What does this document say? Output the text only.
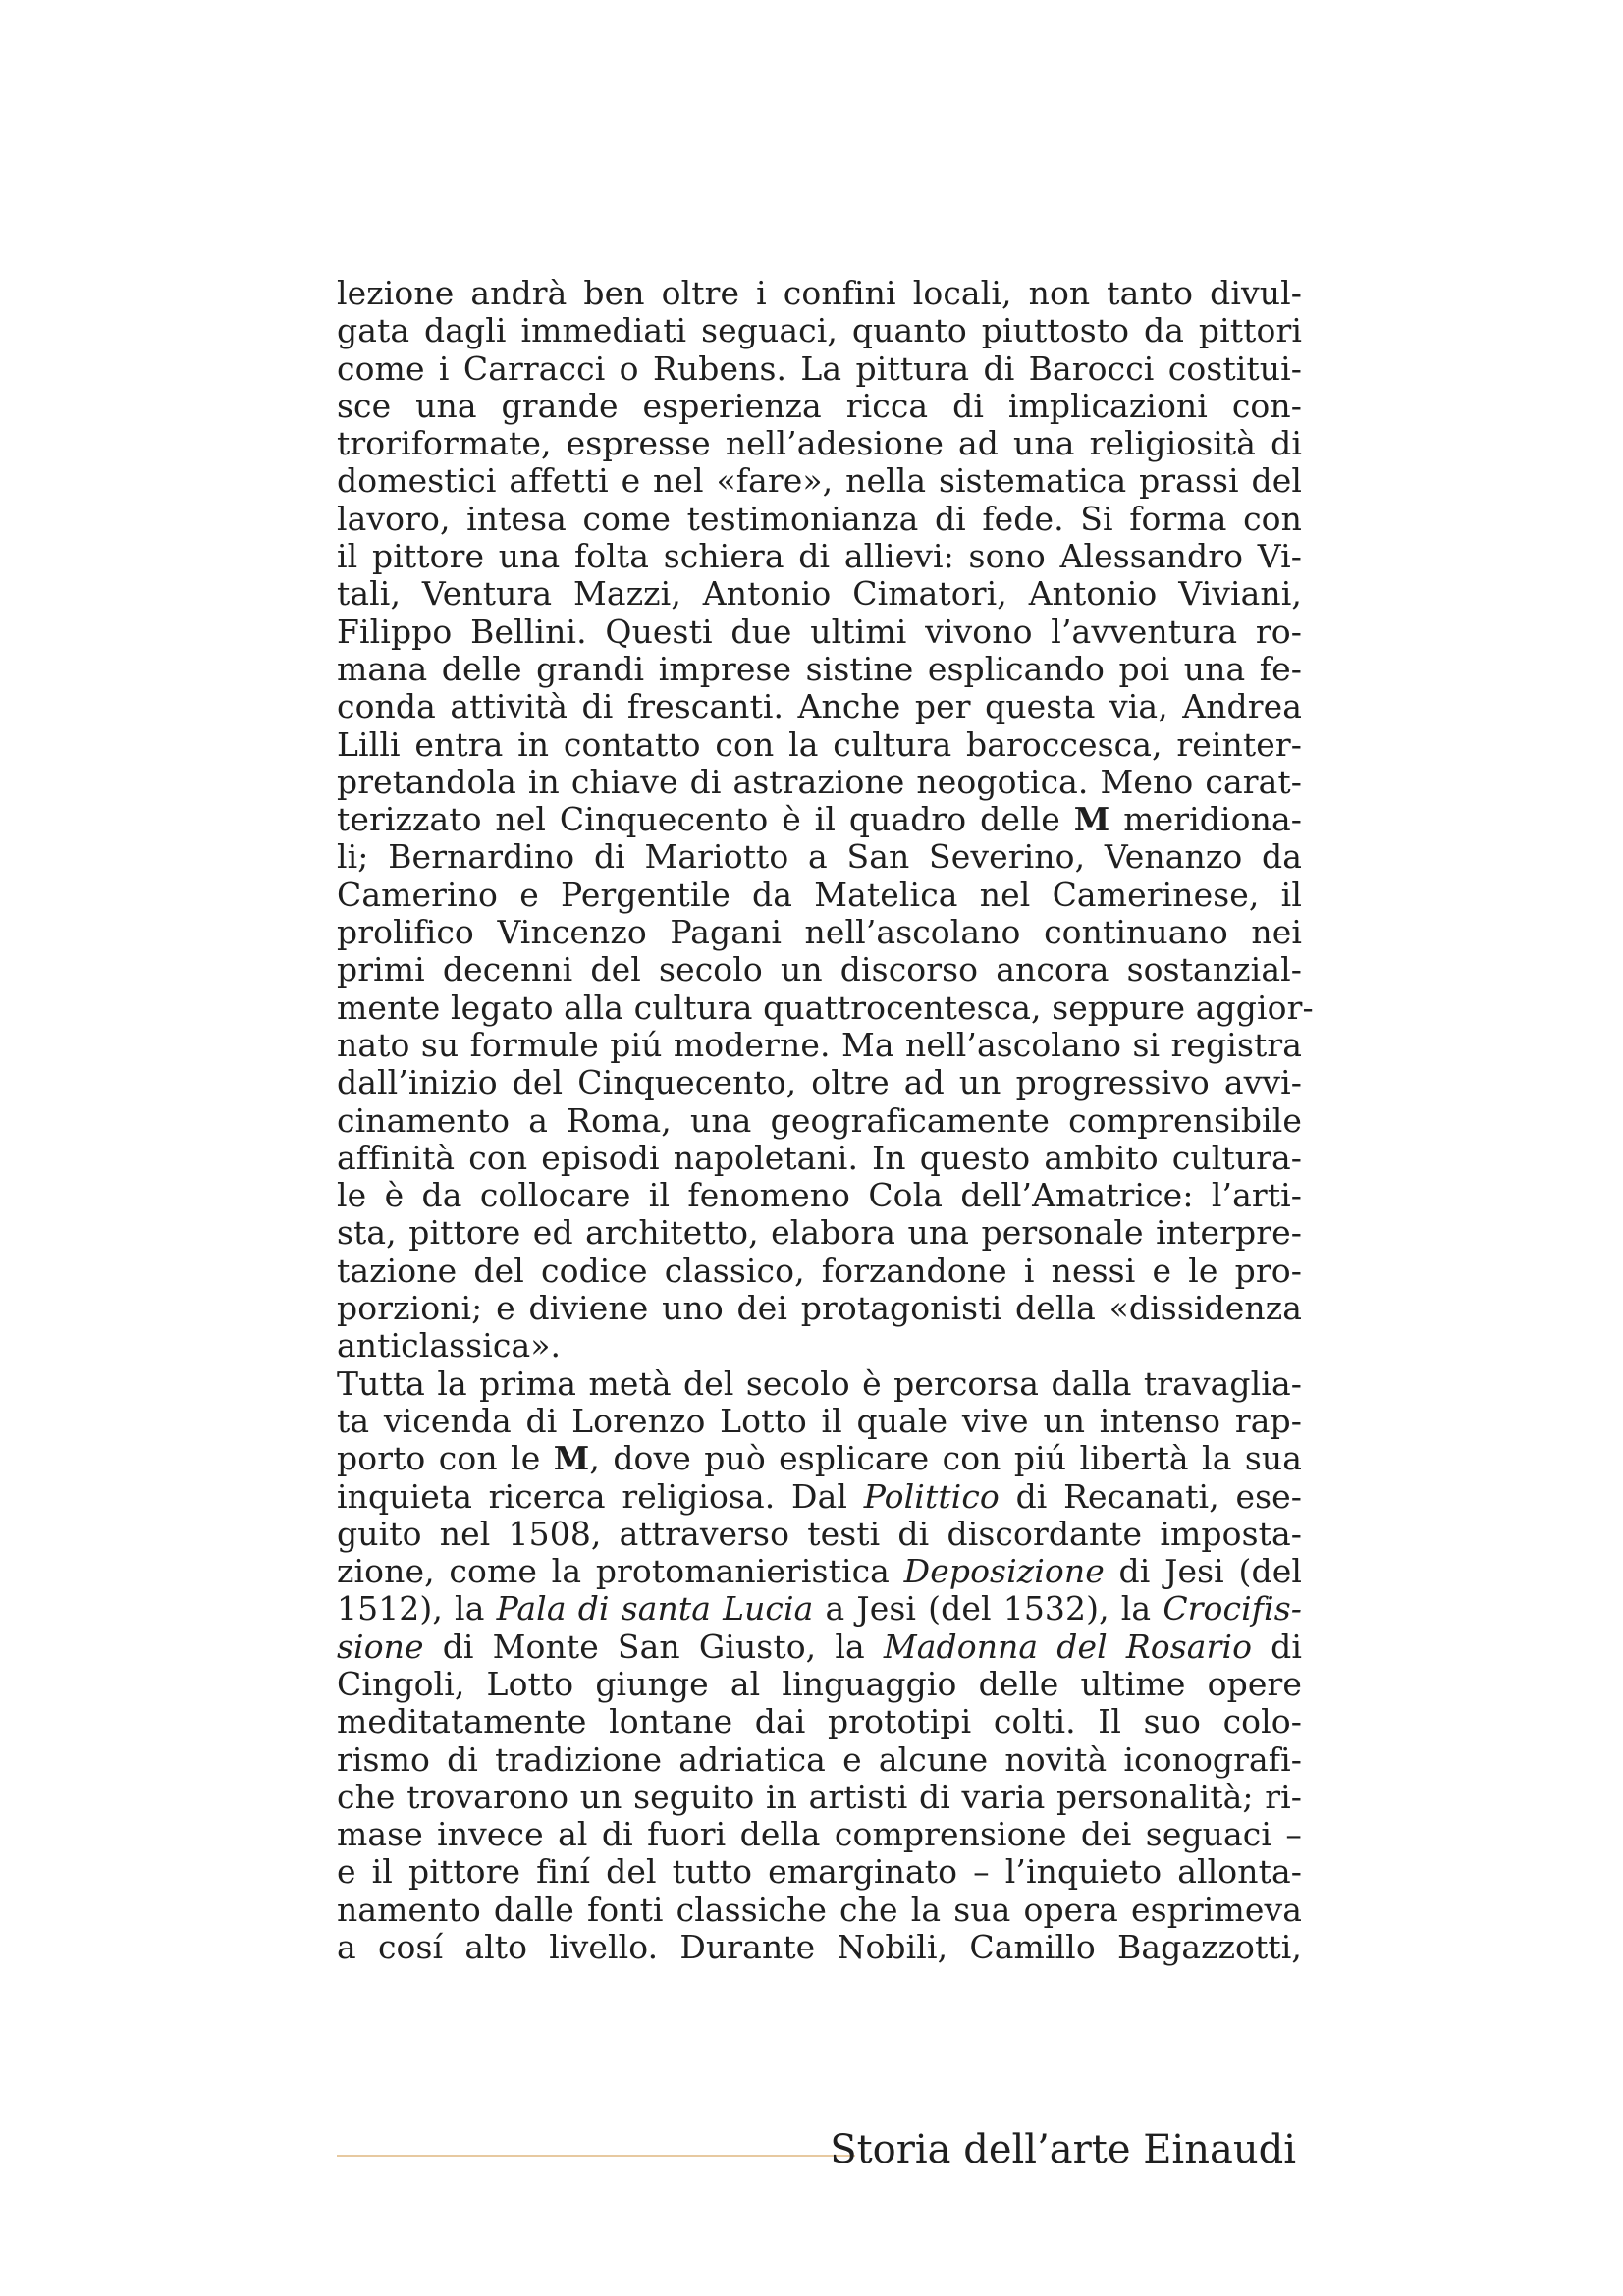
lezione andrà ben oltre i confini locali, non tanto divul-
gata dagli immediati seguaci, quanto piuttosto da pittori
come i Carracci o Rubens. La pittura di Barocci costitui-
sce una grande esperienza ricca di implicazioni con-
troriformate, espresse nell’adesione ad una religiosità di
domestici affetti e nel «fare», nella sistematica prassi del
lavoro, intesa come testimonianza di fede. Si forma con
il pittore una folta schiera di allievi: sono Alessandro Vi-
tali, Ventura Mazzi, Antonio Cimatori, Antonio Viviani,
Filippo Bellini. Questi due ultimi vivono l’avventura ro-
mana delle grandi imprese sistine esplicando poi una fe-
conda attività di frescanti. Anche per questa via, Andrea
Lilli entra in contatto con la cultura baroccesca, reinter-
pretandola in chiave di astrazione neogotica. Meno carat-
terizzato nel Cinquecento è il quadro delle M meridiona-
li; Bernardino di Mariotto a San Severino, Venanzo da
Camerino e Pergentile da Matelica nel Camerinese, il
prolifico Vincenzo Pagani nell’ascolano continuano nei
primi decenni del secolo un discorso ancora sostanzial-
mente legato alla cultura quattrocentesca, seppure aggior-
nato su formule piú moderne. Ma nell’ascolano si registra
dall’inizio del Cinquecento, oltre ad un progressivo avvi-
cinamento a Roma, una geograficamente comprensibile
affinità con episodi napoletani. In questo ambito cultura-
le è da collocare il fenomeno Cola dell’Amatrice: l’arti-
sta, pittore ed architetto, elabora una personale interpre-
tazione del codice classico, forzandone i nessi e le pro-
porzioni; e diviene uno dei protagonisti della «dissidenza
anticlassica».
Tutta la prima metà del secolo è percorsa dalla travaglia-
ta vicenda di Lorenzo Lotto il quale vive un intenso rap-
porto con le M, dove può esplicare con piú libertà la sua
inquieta ricerca religiosa. Dal Polittico di Recanati, ese-
guito nel 1508, attraverso testi di discordante imposta-
zione, come la protomanieristica Deposizione di Jesi (del
1512), la Pala di santa Lucia a Jesi (del 1532), la Crocifis-
sione di Monte San Giusto, la Madonna del Rosario di
Cingoli, Lotto giunge al linguaggio delle ultime opere
meditatamente lontane dai prototipi colti. Il suo colo-
rismo di tradizione adriatica e alcune novità iconografi-
che trovarono un seguito in artisti di varia personalità; ri-
mase invece al di fuori della comprensione dei seguaci –
e il pittore finí del tutto emarginato – l’inquieto allonta-
namento dalle fonti classiche che la sua opera esprimeva
a cosí alto livello. Durante Nobili, Camillo Bagazzotti,
Storia dell’arte Einaudi
